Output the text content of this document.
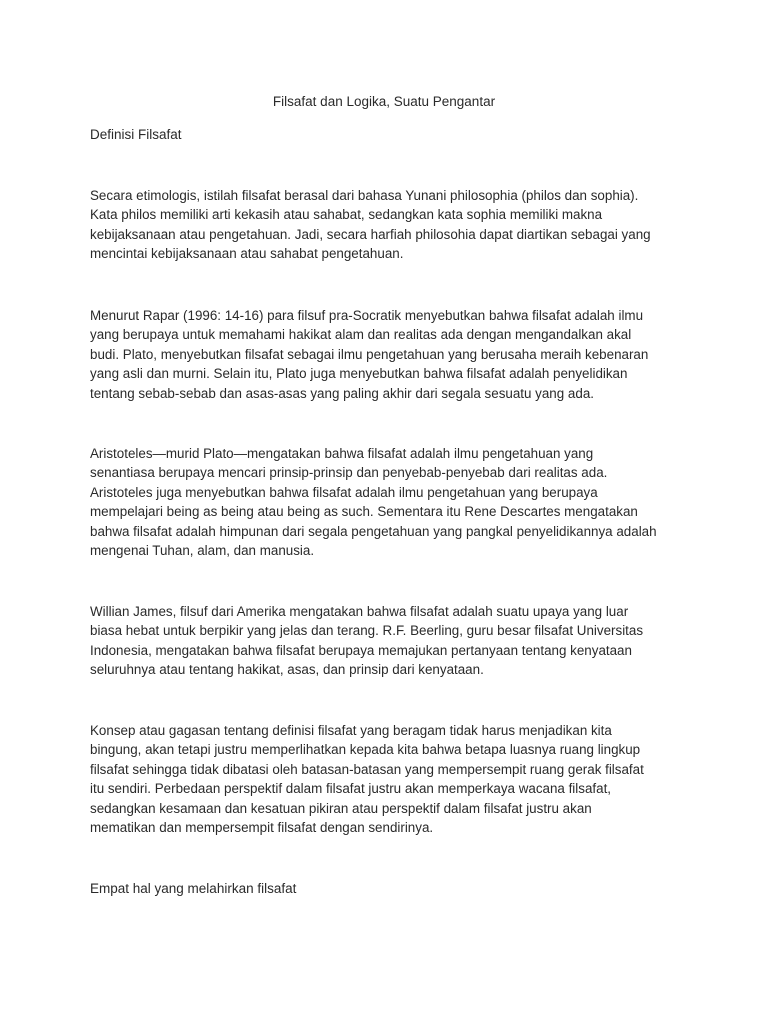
Filsafat dan Logika, Suatu Pengantar
Definisi Filsafat

Secara etimologis, istilah filsafat berasal dari bahasa Yunani philosophia (philos dan sophia).
Kata philos memiliki arti kekasih atau sahabat, sedangkan kata sophia memiliki makna
kebijaksanaan atau pengetahuan. Jadi, secara harfiah philosohia dapat diartikan sebagai yang
mencintai kebijaksanaan atau sahabat pengetahuan.

Menurut Rapar (1996: 14-16) para filsuf pra-Socratik menyebutkan bahwa filsafat adalah ilmu
yang berupaya untuk memahami hakikat alam dan realitas ada dengan mengandalkan akal
budi. Plato, menyebutkan filsafat sebagai ilmu pengetahuan yang berusaha meraih kebenaran
yang asli dan murni. Selain itu, Plato juga menyebutkan bahwa filsafat adalah penyelidikan
tentang sebab-sebab dan asas-asas yang paling akhir dari segala sesuatu yang ada.

Aristoteles—murid Plato—mengatakan bahwa filsafat adalah ilmu pengetahuan yang
senantiasa berupaya mencari prinsip-prinsip dan penyebab-penyebab dari realitas ada.
Aristoteles juga menyebutkan bahwa filsafat adalah ilmu pengetahuan yang berupaya
mempelajari being as being atau being as such. Sementara itu Rene Descartes mengatakan
bahwa filsafat adalah himpunan dari segala pengetahuan yang pangkal penyelidikannya adalah
mengenai Tuhan, alam, dan manusia.

Willian James, filsuf dari Amerika mengatakan bahwa filsafat adalah suatu upaya yang luar
biasa hebat untuk berpikir yang jelas dan terang. R.F. Beerling, guru besar filsafat Universitas
Indonesia, mengatakan bahwa filsafat berupaya memajukan pertanyaan tentang kenyataan
seluruhnya atau tentang hakikat, asas, dan prinsip dari kenyataan.

Konsep atau gagasan tentang definisi filsafat yang beragam tidak harus menjadikan kita
bingung, akan tetapi justru memperlihatkan kepada kita bahwa betapa luasnya ruang lingkup
filsafat sehingga tidak dibatasi oleh batasan-batasan yang mempersempit ruang gerak filsafat
itu sendiri. Perbedaan perspektif dalam filsafat justru akan memperkaya wacana filsafat,
sedangkan kesamaan dan kesatuan pikiran atau perspektif dalam filsafat justru akan
mematikan dan mempersempit filsafat dengan sendirinya.

Empat hal yang melahirkan filsafat
